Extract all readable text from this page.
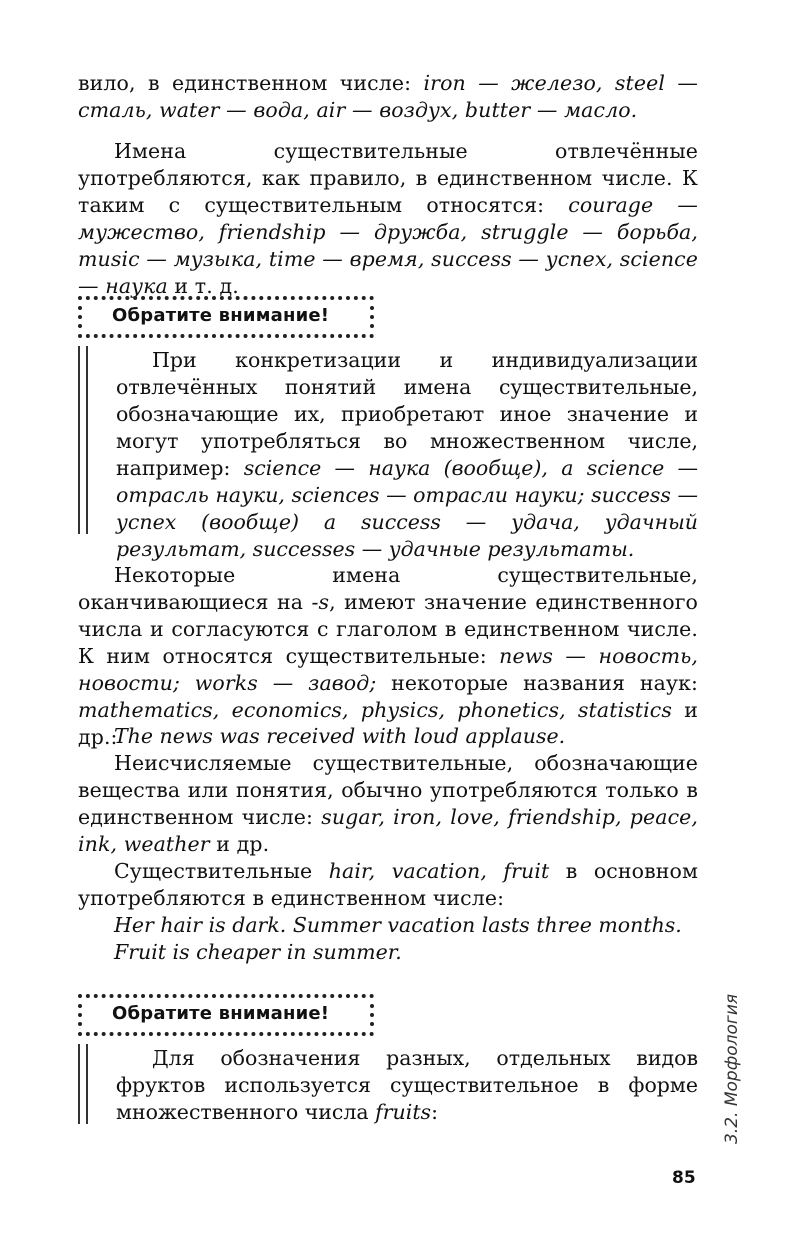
вило, в единственном числе: iron — железо, steel — сталь, water — вода, air — воздух, butter — масло.

Имена существительные отвлечённые употребляются, как правило, в единственном числе. К таким с существительным относятся: courage — мужество, friendship — дружба, struggle — борьба, music — музыка, time — время, success — успех, science — наука и т. д.

Обратите внимание!

При конкретизации и индивидуализации отвлечённых понятий имена существительные, обозначающие их, приобретают иное значение и могут употребляться во множественном числе, например: science — наука (вообще), a science — отрасль науки, sciences — отрасли науки; success — успех (вообще) a success — удача, удачный результат, successes — удачные результаты.

Некоторые имена существительные, оканчивающиеся на -s, имеют значение единственного числа и согласуются с глаголом в единственном числе. К ним относятся существительные: news — новость, новости; works — завод; некоторые названия наук: mathematics, economics, physics, phonetics, statistics и др.:

The news was received with loud applause.

Неисчисляемые существительные, обозначающие вещества или понятия, обычно употребляются только в единственном числе: sugar, iron, love, friendship, peace, ink, weather и др.

Существительные hair, vacation, fruit в основном употребляются в единственном числе:

Her hair is dark. Summer vacation lasts three months.

Fruit is cheaper in summer.

Обратите внимание!

Для обозначения разных, отдельных видов фруктов используется существительное в форме множественного числа fruits:	3.2. Морфология
85
